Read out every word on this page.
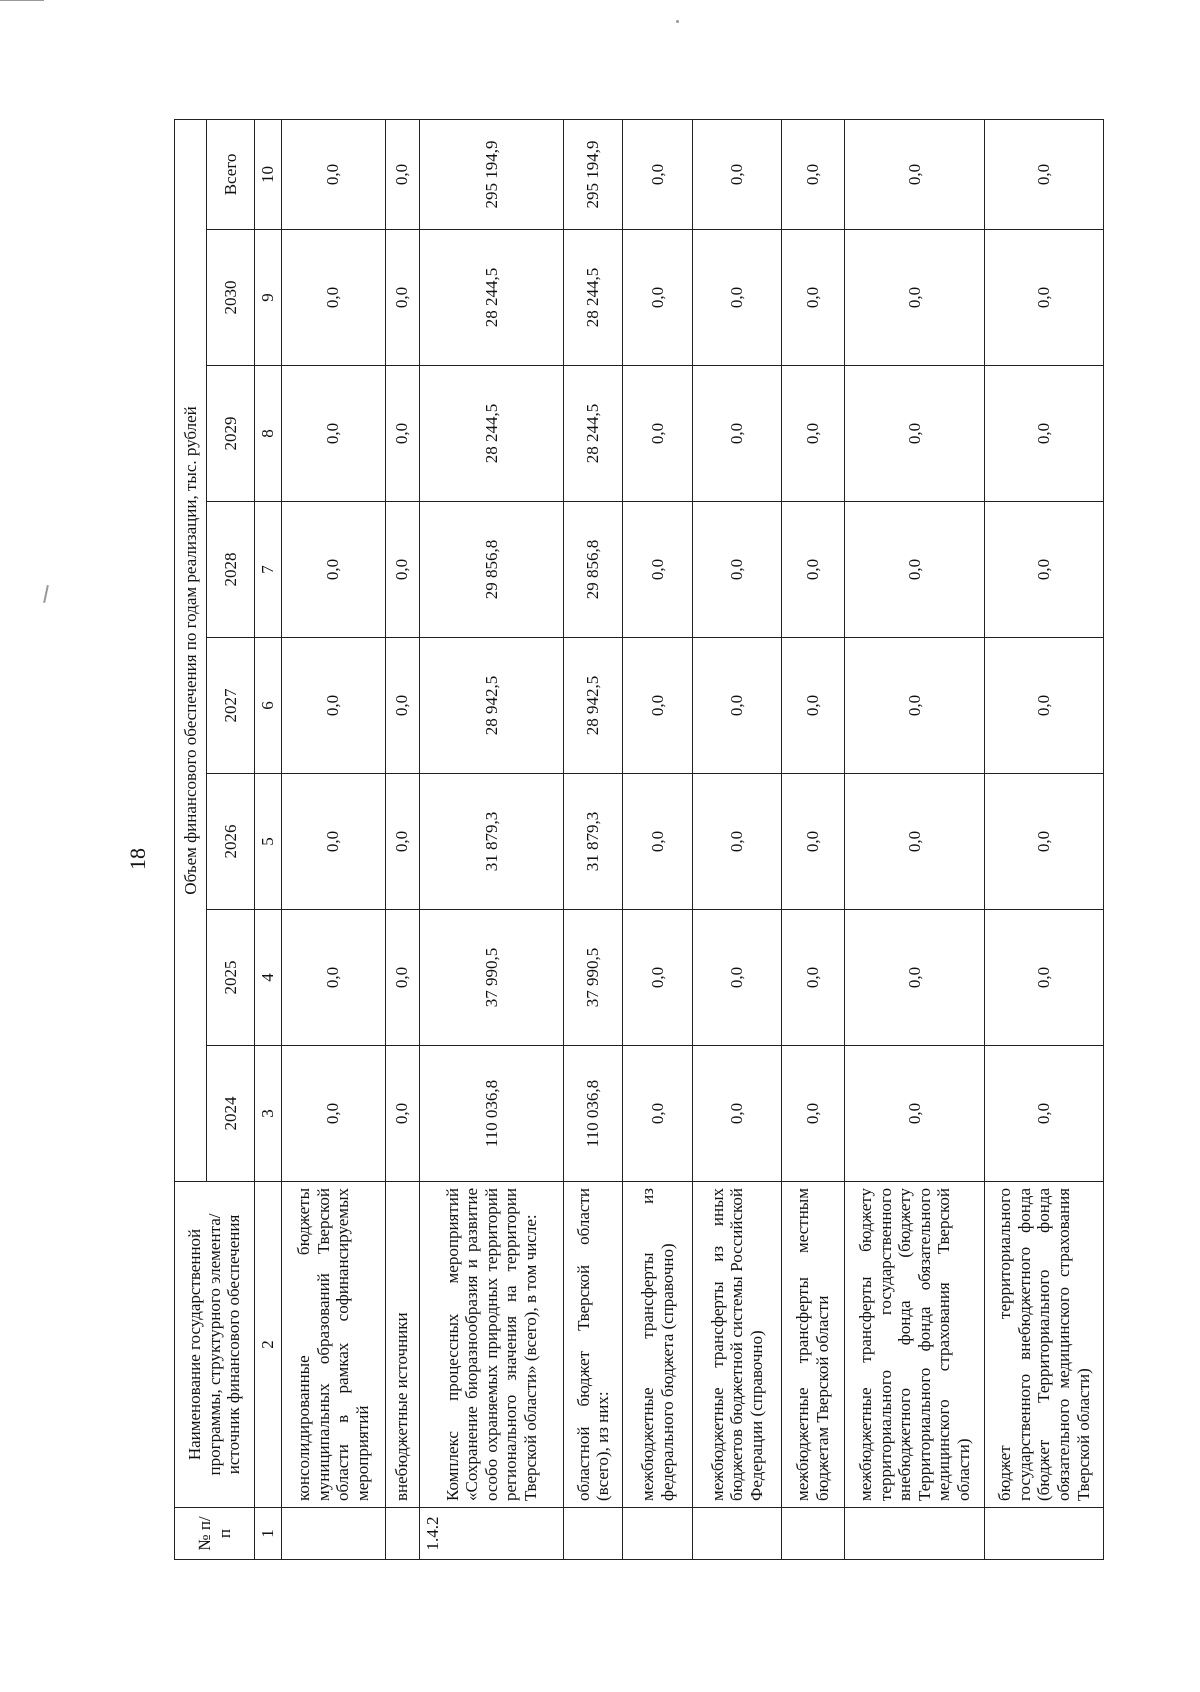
18
№ п/п	Наименование государственной программы, структурного элемента/источник финансового обеспечения	Объем финансового обеспечения по годам реализации, тыс. рублей							
		2024	2025	2026	2027	2028	2029	2030	Всего
1	2	3	4	5	6	7	8	9	10
	консолидированные бюджеты муниципальных образований Тверской области в рамках софинансируемых мероприятий	0,0	0,0	0,0	0,0	0,0	0,0	0,0	0,0
	внебюджетные источники	0,0	0,0	0,0	0,0	0,0	0,0	0,0	0,0
1.4.2	Комплекс процессных мероприятий «Сохранение биоразнообразия и развитие особо охраняемых природных территорий регионального значения на территории Тверской области» (всего), в том числе:	110 036,8	37 990,5	31 879,3	28 942,5	29 856,8	28 244,5	28 244,5	295 194,9
	областной бюджет Тверской области (всего), из них:	110 036,8	37 990,5	31 879,3	28 942,5	29 856,8	28 244,5	28 244,5	295 194,9
	межбюджетные трансферты из федерального бюджета (справочно)	0,0	0,0	0,0	0,0	0,0	0,0	0,0	0,0
	межбюджетные трансферты из иных бюджетов бюджетной системы Российской Федерации (справочно)	0,0	0,0	0,0	0,0	0,0	0,0	0,0	0,0
	межбюджетные трансферты местным бюджетам Тверской области	0,0	0,0	0,0	0,0	0,0	0,0	0,0	0,0
	межбюджетные трансферты бюджету территориального государственного внебюджетного фонда (бюджету Территориального фонда обязательного медицинского страхования Тверской области)	0,0	0,0	0,0	0,0	0,0	0,0	0,0	0,0
	бюджет территориального государственного внебюджетного фонда (бюджет Территориального фонда обязательного медицинского страхования Тверской области)	0,0	0,0	0,0	0,0	0,0	0,0	0,0	0,0
